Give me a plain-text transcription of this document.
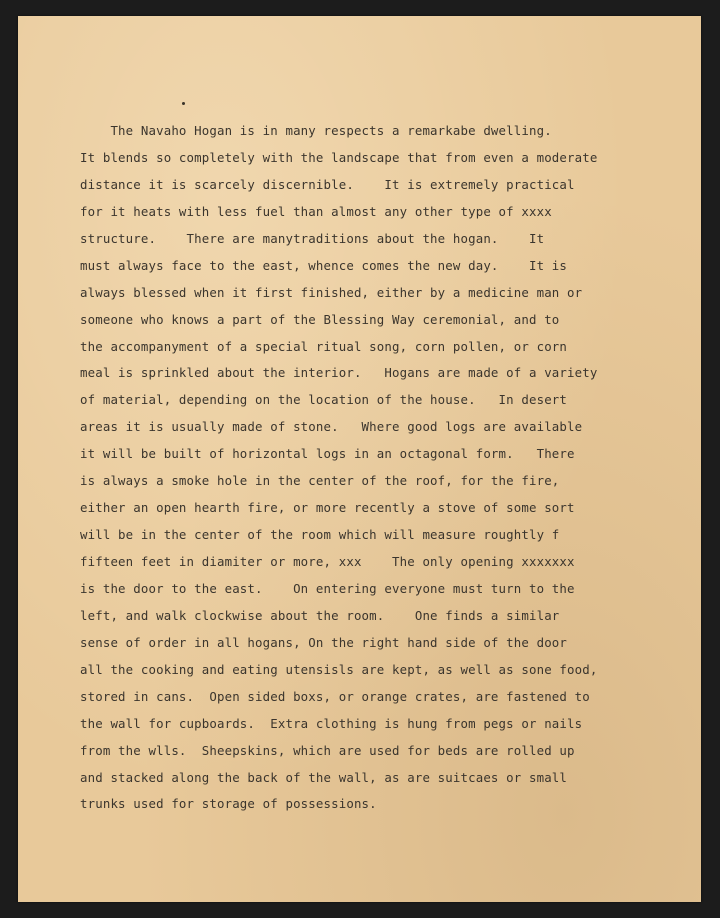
The Navaho Hogan is in many respects a remarkabe dwelling.
It blends so completely with the landscape that from even a moderate
distance it is scarcely discernible.    It is extremely practical
for it heats with less fuel than almost any other type of xxxx
structure.    There are manytraditions about the hogan.    It
must always face to the east, whence comes the new day.    It is
always blessed when it first finished, either by a medicine man or
someone who knows a part of the Blessing Way ceremonial, and to
the accompanyment of a special ritual song, corn pollen, or corn
meal is sprinkled about the interior.   Hogans are made of a variety
of material, depending on the location of the house.   In desert
areas it is usually made of stone.   Where good logs are available
it will be built of horizontal logs in an octagonal form.   There
is always a smoke hole in the center of the roof, for the fire,
either an open hearth fire, or more recently a stove of some sort
will be in the center of the room which will measure roughtly f
fifteen feet in diamiter or more, xxx    The only opening xxxxxxx
is the door to the east.    On entering everyone must turn to the
left, and walk clockwise about the room.    One finds a similar
sense of order in all hogans, On the right hand side of the door
all the cooking and eating utensisls are kept, as well as sone food,
stored in cans.  Open sided boxs, or orange crates, are fastened to
the wall for cupboards.  Extra clothing is hung from pegs or nails
from the wlls.  Sheepskins, which are used for beds are rolled up
and stacked along the back of the wall, as are suitcaes or small
trunks used for storage of possessions.
